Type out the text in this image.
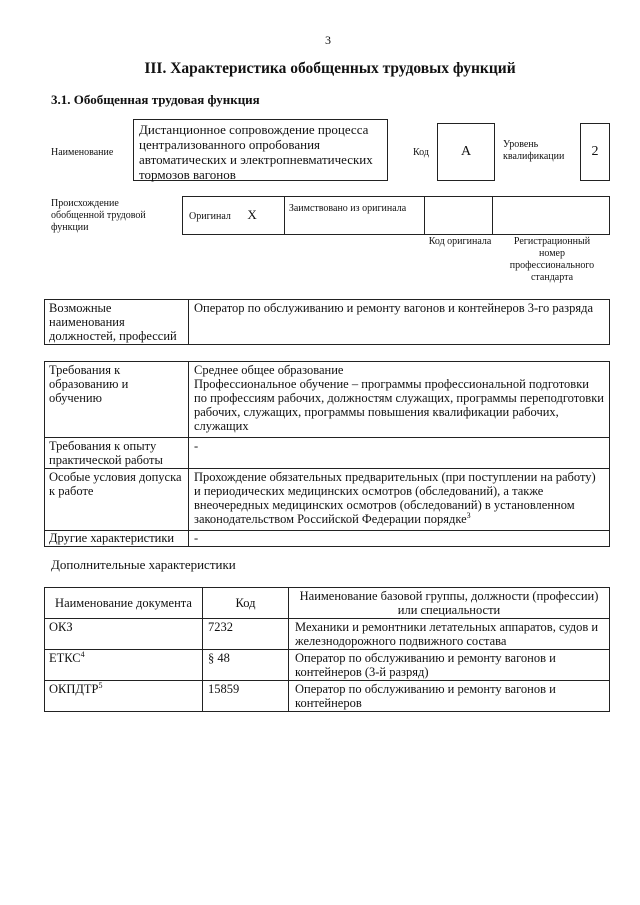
3
III. Характеристика обобщенных трудовых функций
3.1. Обобщенная трудовая функция
Наименование
Дистанционное сопровождение процесса централизованного опробования автоматических и электропневматических тормозов вагонов
Код А	Уровень квалификации	2
Происхождение обобщенной трудовой функции
Оригинал X	Заимствовано из оригинала		
Код оригинала	Регистрационный номер профессионального стандарта
Возможные наименования должностей, профессий	Оператор по обслуживанию и ремонту вагонов и контейнеров 3-го разряда
Требования к образованию и обучению	Среднее общее образование
Профессиональное обучение – программы профессиональной подготовки по профессиям рабочих, должностям служащих, программы переподготовки рабочих, служащих, программы повышения квалификации рабочих, служащих

Требования к опыту практической работы	-
Особые условия допуска к работе	Прохождение обязательных предварительных (при поступлении на работу) и периодических медицинских осмотров (обследований), а также внеочередных медицинских осмотров (обследований) в установленном законодательством Российской Федерации порядке$^3$
Другие характеристики	-
Дополнительные характеристики
Наименование документа	Код	Наименование базовой группы, должности (профессии) или специальности
ОКЗ	7232	Механики и ремонтники летательных аппаратов, судов и железнодорожного подвижного состава
ЕТКС$^4$	§ 48	Оператор по обслуживанию и ремонту вагонов и контейнеров (3-й разряд)
ОКПДТР$^5$	15859	Оператор по обслуживанию и ремонту вагонов и контейнеров
